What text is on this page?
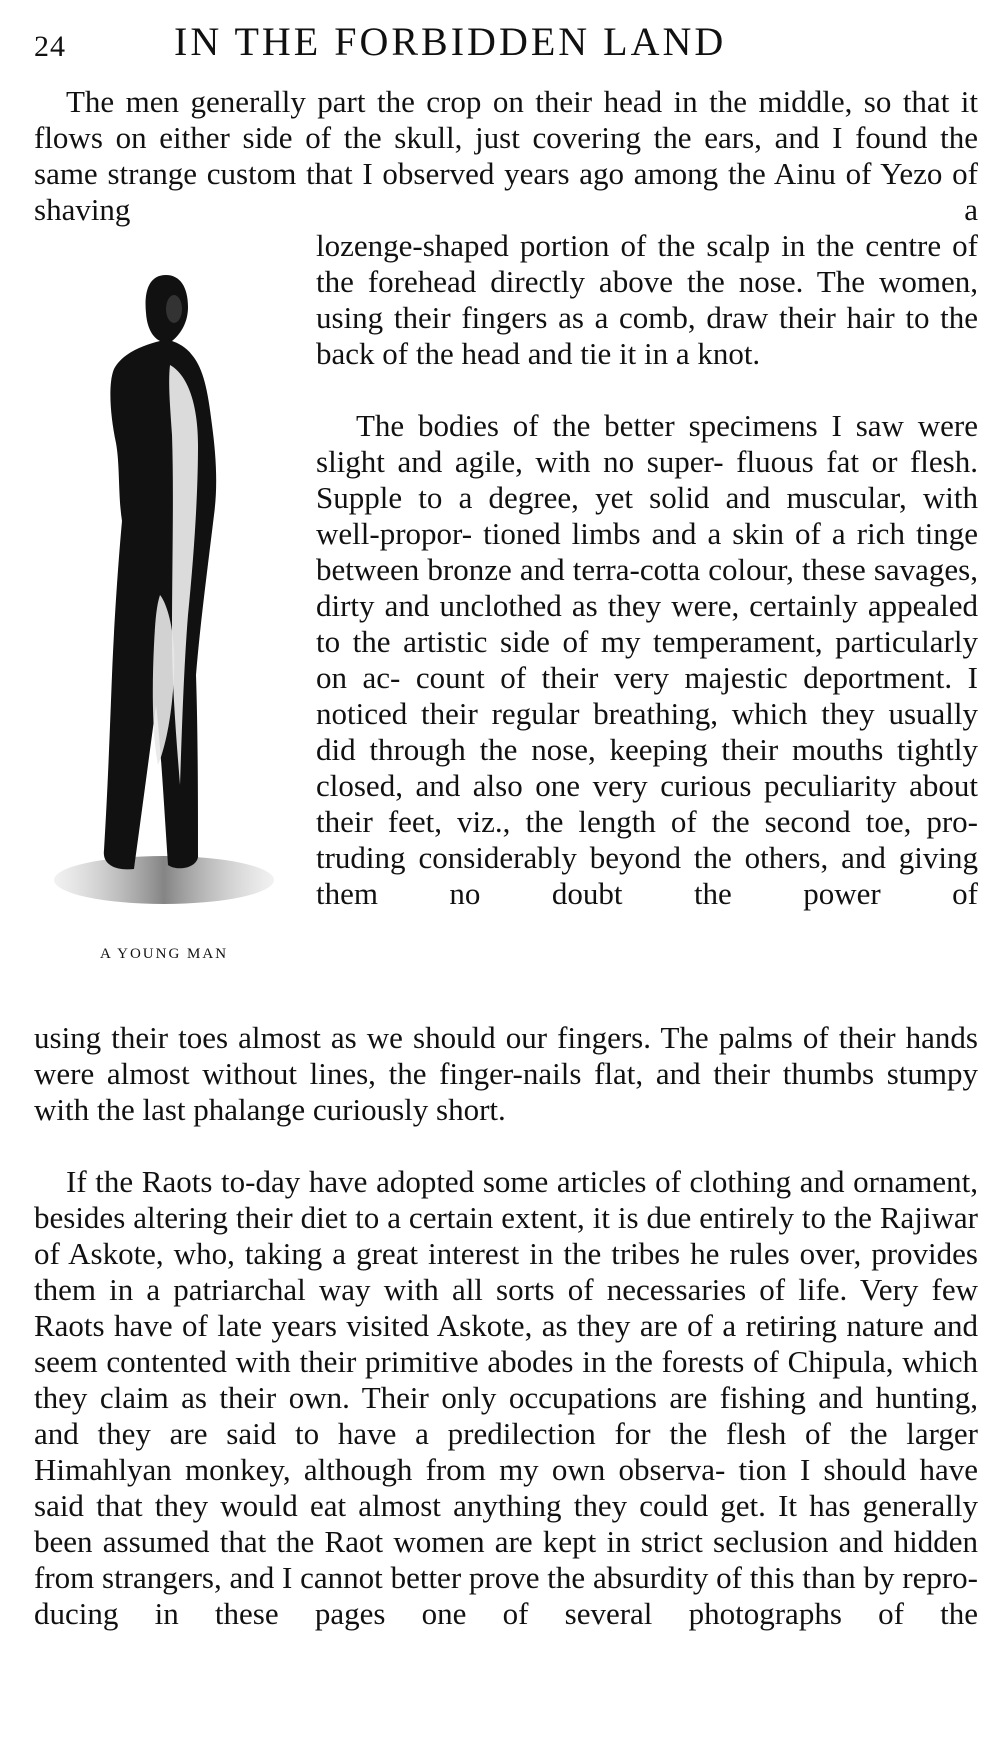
24	IN THE FORBIDDEN LAND
The men generally part the crop on their head in the middle, so that it flows on either side of the skull, just covering the ears, and I found the same strange custom that I observed years ago among the Ainu of Yezo of shaving a
lozenge-shaped portion of the scalp in the centre of the forehead directly above the nose. The women, using their fingers as a comb, draw their hair to the back of the head and tie it in a knot.
The bodies of the better specimens I saw were slight and agile, with no super- fluous fat or flesh. Supple to a degree, yet solid and muscular, with well-propor- tioned limbs and a skin of a rich tinge between bronze and terra-cotta colour, these savages, dirty and unclothed as they were, certainly appealed to the artistic side of my temperament, particularly on ac- count of their very majestic deportment. I noticed their regular breathing, which they usually did through the nose, keeping their mouths tightly closed, and also one very curious peculiarity about their feet, viz., the length of the second toe, pro- truding considerably beyond the others, and giving them no doubt the power of
using their toes almost as we should our fingers. The palms of their hands were almost without lines, the finger-nails flat, and their thumbs stumpy with the last phalange curiously short.
If the Raots to-day have adopted some articles of clothing and ornament, besides altering their diet to a certain extent, it is due entirely to the Rajiwar of Askote, who, taking a great interest in the tribes he rules over, provides them in a patriarchal way with all sorts of necessaries of life. Very few Raots have of late years visited Askote, as they are of a retiring nature and seem contented with their primitive abodes in the forests of Chipula, which they claim as their own. Their only occupations are fishing and hunting, and they are said to have a predilection for the flesh of the larger Himahlyan monkey, although from my own observa- tion I should have said that they would eat almost anything they could get. It has generally been assumed that the Raot women are kept in strict seclusion and hidden from strangers, and I cannot better prove the absurdity of this than by repro- ducing in these pages one of several photographs of the
A YOUNG MAN
